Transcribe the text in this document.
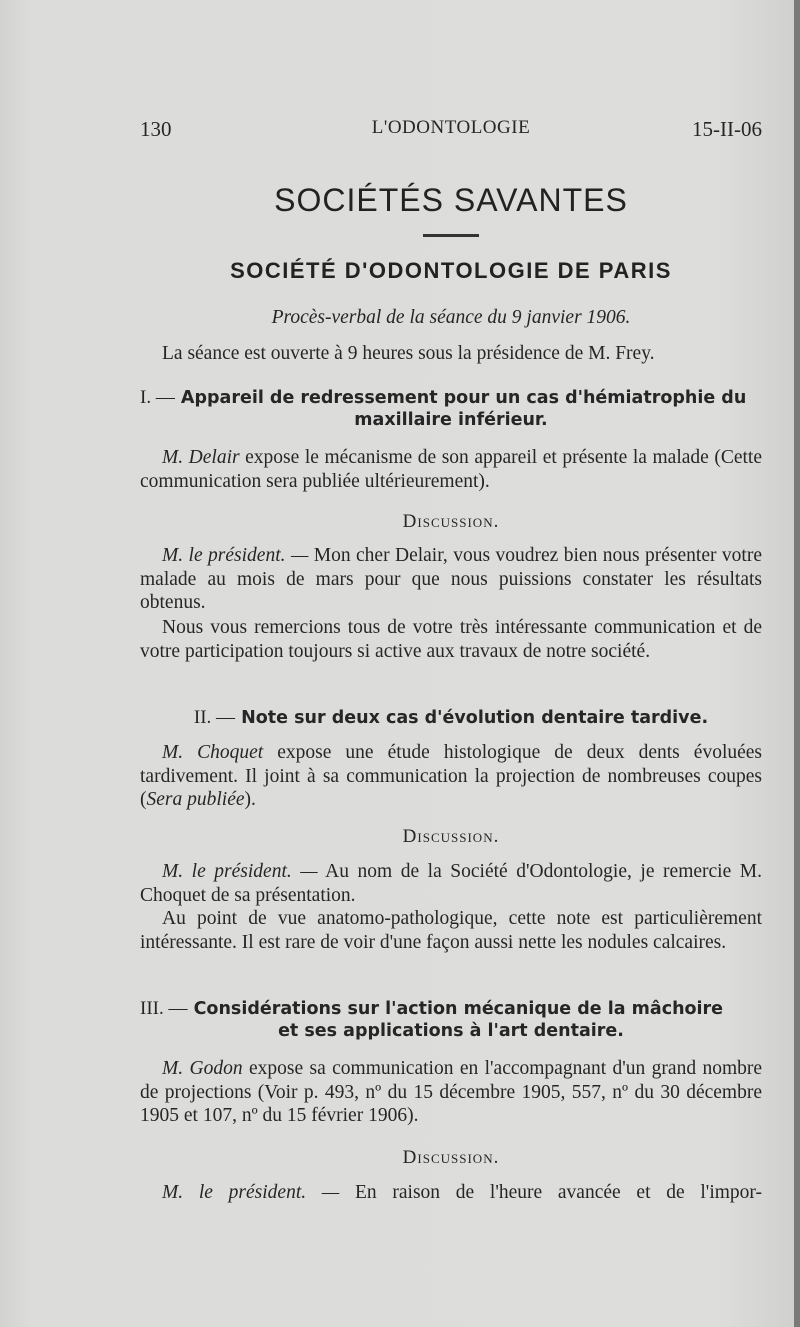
130	L'ODONTOLOGIE	15-II-06
SOCIÉTÉS SAVANTES
SOCIÉTÉ D'ODONTOLOGIE DE PARIS

Procès-verbal de la séance du 9 janvier 1906.

La séance est ouverte à 9 heures sous la présidence de M. Frey.

I. — Appareil de redressement pour un cas d'hémiatrophie du
maxillaire inférieur.

M. Delair expose le mécanisme de son appareil et présente la malade (Cette communication sera publiée ultérieurement).

Discussion.

M. le président. — Mon cher Delair, vous voudrez bien nous présenter votre malade au mois de mars pour que nous puissions constater les résultats obtenus.

Nous vous remercions tous de votre très intéressante communication et de votre participation toujours si active aux travaux de notre société.

II. — Note sur deux cas d'évolution dentaire tardive.

M. Choquet expose une étude histologique de deux dents évoluées tardivement. Il joint à sa communication la projection de nombreuses coupes (Sera publiée).

Discussion.

M. le président. — Au nom de la Société d'Odontologie, je remercie M. Choquet de sa présentation.

Au point de vue anatomo-pathologique, cette note est particulièrement intéressante. Il est rare de voir d'une façon aussi nette les nodules calcaires.

III. — Considérations sur l'action mécanique de la mâchoire
et ses applications à l'art dentaire.

M. Godon expose sa communication en l'accompagnant d'un grand nombre de projections (Voir p. 493, nº du 15 décembre 1905, 557, nº du 30 décembre 1905 et 107, nº du 15 février 1906).

Discussion.

M. le président. — En raison de l'heure avancée et de l'impor-
